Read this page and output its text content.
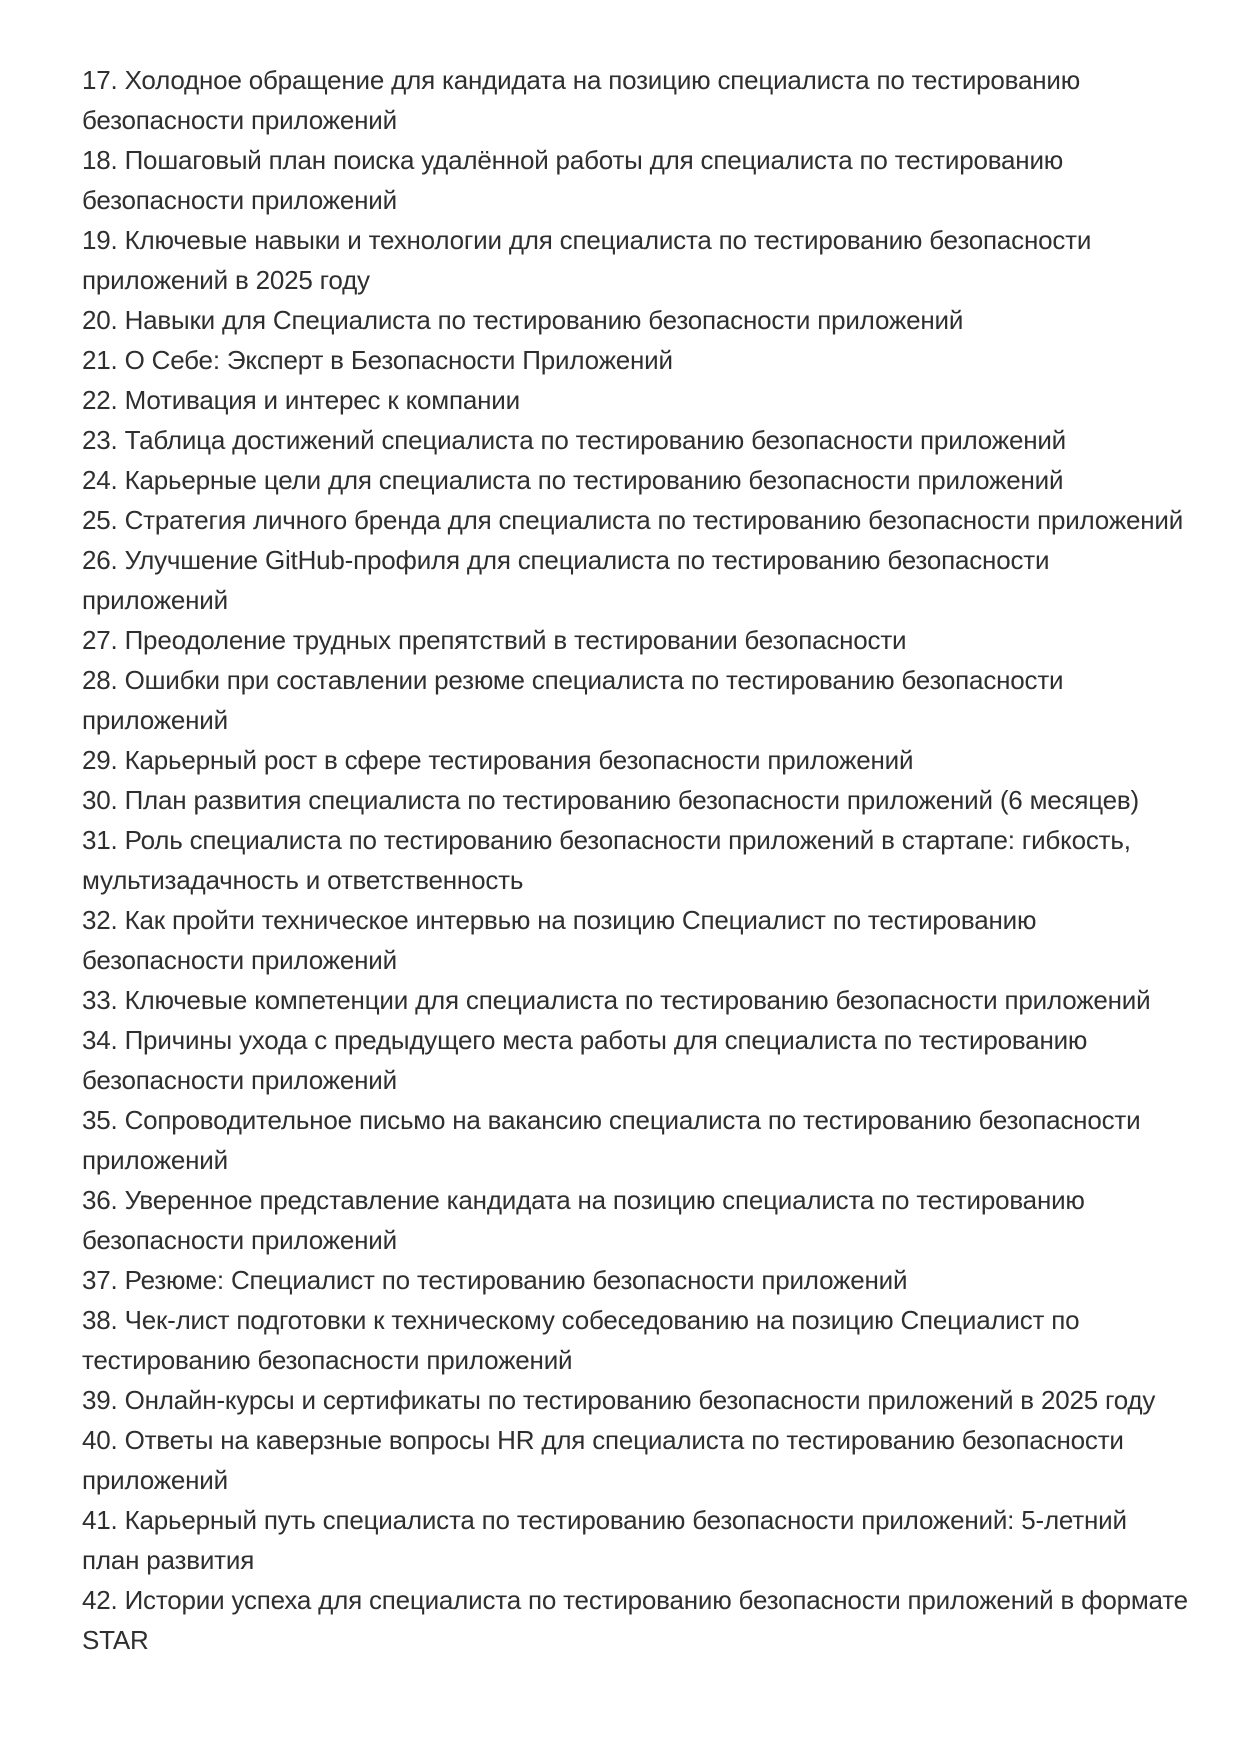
17. Холодное обращение для кандидата на позицию специалиста по тестированию
безопасности приложений
18. Пошаговый план поиска удалённой работы для специалиста по тестированию
безопасности приложений
19. Ключевые навыки и технологии для специалиста по тестированию безопасности
приложений в 2025 году
20. Навыки для Специалиста по тестированию безопасности приложений
21. О Себе: Эксперт в Безопасности Приложений
22. Мотивация и интерес к компании
23. Таблица достижений специалиста по тестированию безопасности приложений
24. Карьерные цели для специалиста по тестированию безопасности приложений
25. Стратегия личного бренда для специалиста по тестированию безопасности приложений
26. Улучшение GitHub-профиля для специалиста по тестированию безопасности
приложений
27. Преодоление трудных препятствий в тестировании безопасности
28. Ошибки при составлении резюме специалиста по тестированию безопасности
приложений
29. Карьерный рост в сфере тестирования безопасности приложений
30. План развития специалиста по тестированию безопасности приложений (6 месяцев)
31. Роль специалиста по тестированию безопасности приложений в стартапе: гибкость,
мультизадачность и ответственность
32. Как пройти техническое интервью на позицию Специалист по тестированию
безопасности приложений
33. Ключевые компетенции для специалиста по тестированию безопасности приложений
34. Причины ухода с предыдущего места работы для специалиста по тестированию
безопасности приложений
35. Сопроводительное письмо на вакансию специалиста по тестированию безопасности
приложений
36. Уверенное представление кандидата на позицию специалиста по тестированию
безопасности приложений
37. Резюме: Специалист по тестированию безопасности приложений
38. Чек-лист подготовки к техническому собеседованию на позицию Специалист по
тестированию безопасности приложений
39. Онлайн-курсы и сертификаты по тестированию безопасности приложений в 2025 году
40. Ответы на каверзные вопросы HR для специалиста по тестированию безопасности
приложений
41. Карьерный путь специалиста по тестированию безопасности приложений: 5-летний
план развития
42. Истории успеха для специалиста по тестированию безопасности приложений в формате
STAR
